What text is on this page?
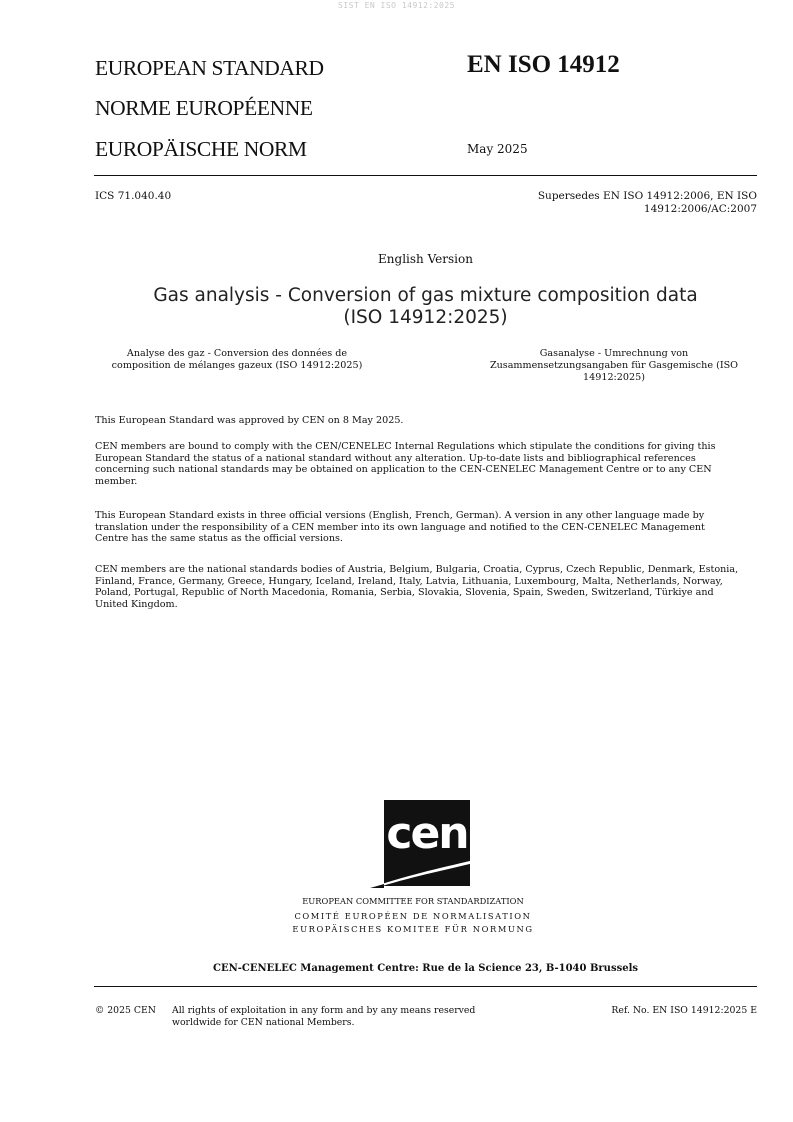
SIST EN ISO 14912:2025
EUROPEAN STANDARD
NORME EUROPÉENNE
EUROPÄISCHE NORM
EN ISO 14912
May 2025
ICS 71.040.40	Supersedes EN ISO 14912:2006, EN ISO
14912:2006/AC:2007
English Version
Gas analysis - Conversion of gas mixture composition data
(ISO 14912:2025)
Analyse des gaz - Conversion des données de
composition de mélanges gazeux (ISO 14912:2025)
Gasanalyse - Umrechnung von
Zusammensetzungsangaben für Gasgemische (ISO
14912:2025)
This European Standard was approved by CEN on 8 May 2025.
CEN members are bound to comply with the CEN/CENELEC Internal Regulations which stipulate the conditions for giving this
European Standard the status of a national standard without any alteration. Up-to-date lists and bibliographical references
concerning such national standards may be obtained on application to the CEN-CENELEC Management Centre or to any CEN
member.
This European Standard exists in three official versions (English, French, German). A version in any other language made by
translation under the responsibility of a CEN member into its own language and notified to the CEN-CENELEC Management
Centre has the same status as the official versions.
CEN members are the national standards bodies of Austria, Belgium, Bulgaria, Croatia, Cyprus, Czech Republic, Denmark, Estonia,
Finland, France, Germany, Greece, Hungary, Iceland, Ireland, Italy, Latvia, Lithuania, Luxembourg, Malta, Netherlands, Norway,
Poland, Portugal, Republic of North Macedonia, Romania, Serbia, Slovakia, Slovenia, Spain, Sweden, Switzerland, Türkiye and
United Kingdom.
cen
EUROPEAN COMMITTEE FOR STANDARDIZATION
COMITÉ EUROPÉEN DE NORMALISATION
EUROPÄISCHES KOMITEE FÜR NORMUNG
CEN-CENELEC Management Centre: Rue de la Science 23, B-1040 Brussels
© 2025 CEN All rights of exploitation in any form and by any means reserved
worldwide for CEN national Members.
Ref. No. EN ISO 14912:2025 E
